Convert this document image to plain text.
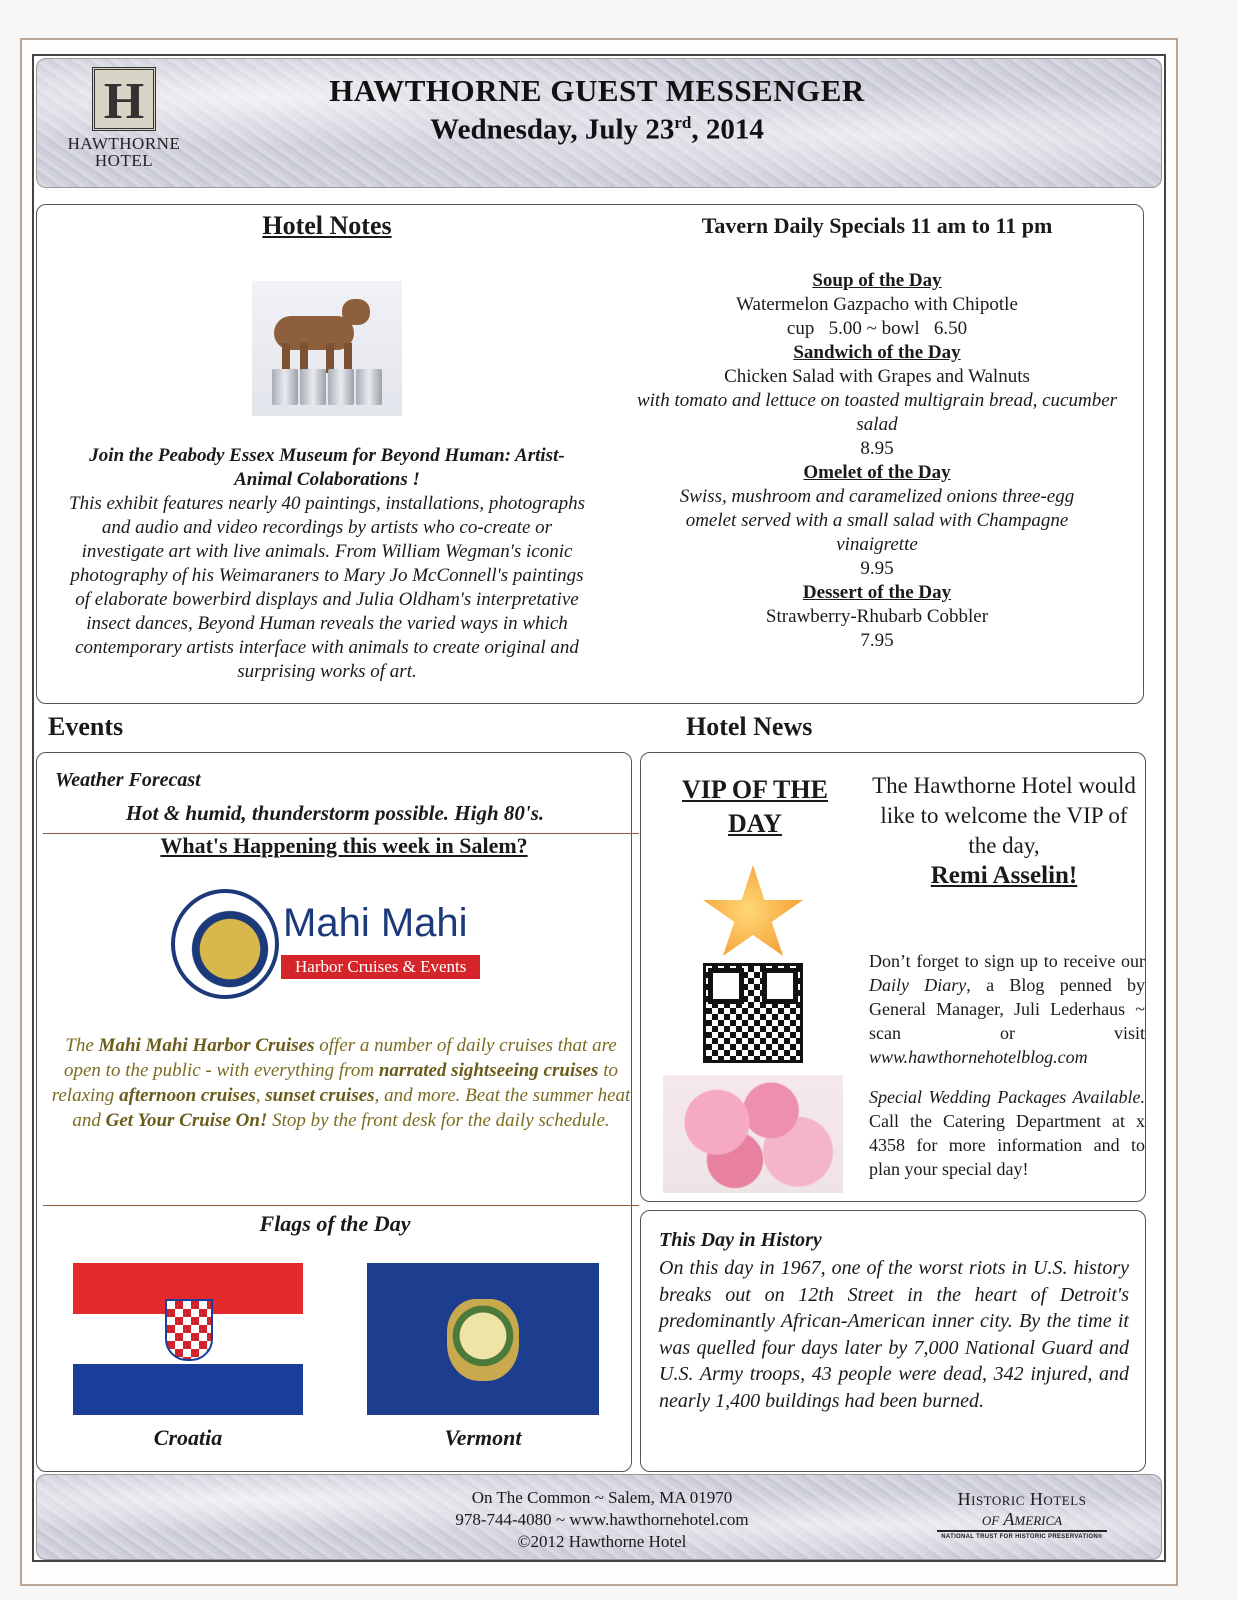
H
HAWTHORNE
HOTEL
HAWTHORNE GUEST MESSENGER
Wednesday, July 23rd, 2014
Hotel Notes
Join the Peabody Essex Museum for Beyond Human: Artist-Animal Colaborations !
This exhibit features nearly 40 paintings, installations, photographs and audio and video recordings by artists who co-create or investigate art with live animals. From William Wegman's iconic photography of his Weimaraners to Mary Jo McConnell's paintings of elaborate bowerbird displays and Julia Oldham's interpretative insect dances, Beyond Human reveals the varied ways in which contemporary artists interface with animals to create original and surprising works of art.
Tavern Daily Specials 11 am to 11 pm
Soup of the Day
Watermelon Gazpacho with Chipotle
cup   5.00 ~ bowl   6.50
Sandwich of the Day
Chicken Salad with Grapes and Walnuts
with tomato and lettuce on toasted multigrain bread, cucumber salad
8.95
Omelet of the Day
Swiss, mushroom and caramelized onions three-egg omelet served with a small salad with Champagne vinaigrette
9.95
Dessert of the Day
Strawberry-Rhubarb Cobbler
7.95
Events	Hotel News
Weather Forecast
Hot & humid, thunderstorm possible. High 80's.
What's Happening this week in Salem?
Mahi Mahi
Harbor Cruises & Events
The Mahi Mahi Harbor Cruises offer a number of daily cruises that are open to the public - with everything from narrated sightseeing cruises to relaxing afternoon cruises, sunset cruises, and more. Beat the summer heat and Get Your Cruise On! Stop by the front desk for the daily schedule.
Flags of the Day
Croatia	Vermont
VIP OF THE DAY
The Hawthorne Hotel would like to welcome the VIP of the day,
Remi Asselin!
Don’t forget to sign up to receive our Daily Diary, a Blog penned by General Manager, Juli Lederhaus ~ scan or visit www.hawthornehotelblog.com
Special Wedding Packages Available. Call the Catering Department at x 4358 for more information and to plan your special day!
This Day in History
On this day in 1967, one of the worst riots in U.S. history breaks out on 12th Street in the heart of Detroit's predominantly African-American inner city. By the time it was quelled four days later by 7,000 National Guard and U.S. Army troops, 43 people were dead, 342 injured, and nearly 1,400 buildings had been burned.
On The Common ~ Salem, MA 01970
978-744-4080 ~ www.hawthornehotel.com
©2012 Hawthorne Hotel
Historic Hotels
of America
NATIONAL TRUST FOR HISTORIC PRESERVATION®
